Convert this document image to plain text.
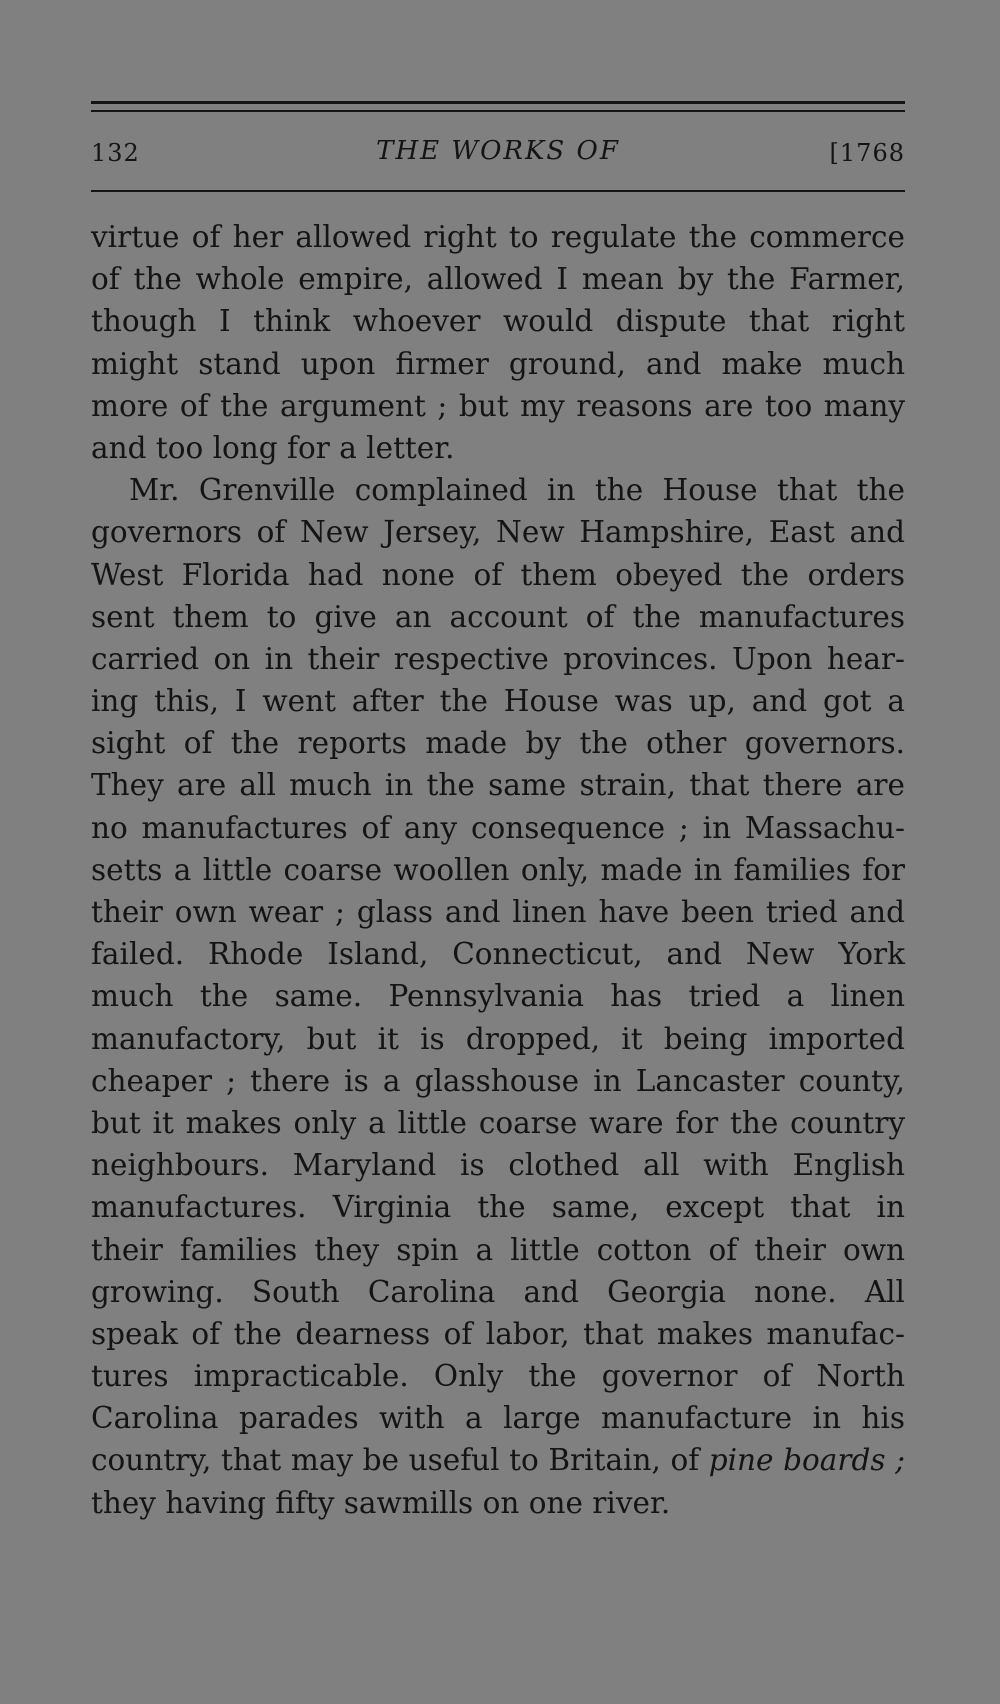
132	THE WORKS OF	[1768
virtue of her allowed right to regulate the commerce
of the whole empire, allowed I mean by the Farmer,
though I think whoever would dispute that right
might stand upon firmer ground, and make much
more of the argument ; but my reasons are too many
and too long for a letter.
Mr. Grenville complained in the House that the
governors of New Jersey, New Hampshire, East and
West Florida had none of them obeyed the orders
sent them to give an account of the manufactures
carried on in their respective provinces. Upon hear-
ing this, I went after the House was up, and got a
sight of the reports made by the other governors.
They are all much in the same strain, that there are
no manufactures of any consequence ; in Massachu-
setts a little coarse woollen only, made in families for
their own wear ; glass and linen have been tried and
failed. Rhode Island, Connecticut, and New York
much the same. Pennsylvania has tried a linen
manufactory, but it is dropped, it being imported
cheaper ; there is a glasshouse in Lancaster county,
but it makes only a little coarse ware for the country
neighbours. Maryland is clothed all with English
manufactures. Virginia the same, except that in
their families they spin a little cotton of their own
growing. South Carolina and Georgia none. All
speak of the dearness of labor, that makes manufac-
tures impracticable. Only the governor of North
Carolina parades with a large manufacture in his
country, that may be useful to Britain, of pine boards ;
they having fifty sawmills on one river.
